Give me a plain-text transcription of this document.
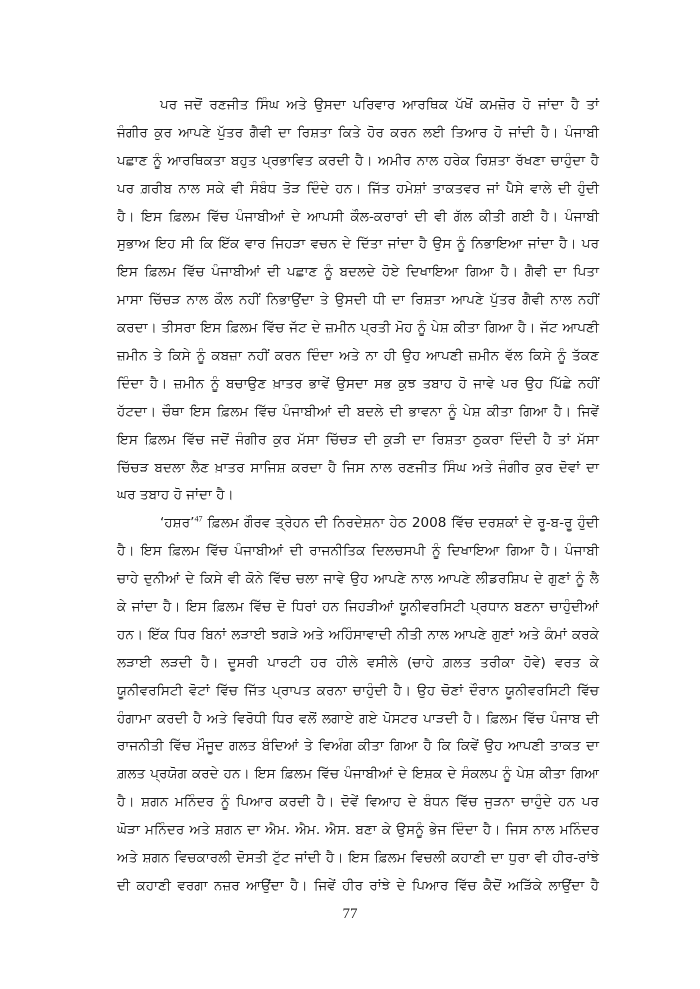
ਪਰ ਜਦੋਂ ਰਣਜੀਤ ਸਿੰਘ ਅਤੇ ਉਸਦਾ ਪਰਿਵਾਰ ਆਰਥਿਕ ਪੱਖੋਂ ਕਮਜ਼ੋਰ ਹੋ ਜਾਂਦਾ ਹੈ ਤਾਂ
ਜੰਗੀਰ ਕੁਰ ਆਪਣੇ ਪੁੱਤਰ ਗੈਵੀ ਦਾ ਰਿਸ਼ਤਾ ਕਿਤੇ ਹੋਰ ਕਰਨ ਲਈ ਤਿਆਰ ਹੋ ਜਾਂਦੀ ਹੈ। ਪੰਜਾਬੀ
ਪਛਾਣ ਨੂੰ ਆਰਥਿਕਤਾ ਬਹੁਤ ਪ੍ਰਭਾਵਿਤ ਕਰਦੀ ਹੈ। ਅਮੀਰ ਨਾਲ ਹਰੇਕ ਰਿਸ਼ਤਾ ਰੱਖਣਾ ਚਾਹੁੰਦਾ ਹੈ
ਪਰ ਗ਼ਰੀਬ ਨਾਲ ਸਕੇ ਵੀ ਸੰਬੰਧ ਤੋੜ ਦਿੰਦੇ ਹਨ। ਜਿੱਤ ਹਮੇਸ਼ਾਂ ਤਾਕਤਵਰ ਜਾਂ ਪੈਸੇ ਵਾਲੇ ਦੀ ਹੁੰਦੀ
ਹੈ। ਇਸ ਫ਼ਿਲਮ ਵਿੱਚ ਪੰਜਾਬੀਆਂ ਦੇ ਆਪਸੀ ਕੌਲ-ਕਰਾਰਾਂ ਦੀ ਵੀ ਗੱਲ ਕੀਤੀ ਗਈ ਹੈ। ਪੰਜਾਬੀ
ਸੁਭਾਅ ਇਹ ਸੀ ਕਿ ਇੱਕ ਵਾਰ ਜਿਹੜਾ ਵਚਨ ਦੇ ਦਿੱਤਾ ਜਾਂਦਾ ਹੈ ਉਸ ਨੂੰ ਨਿਭਾਇਆ ਜਾਂਦਾ ਹੈ। ਪਰ
ਇਸ ਫ਼ਿਲਮ ਵਿੱਚ ਪੰਜਾਬੀਆਂ ਦੀ ਪਛਾਣ ਨੂੰ ਬਦਲਦੇ ਹੋਏ ਦਿਖਾਇਆ ਗਿਆ ਹੈ। ਗੈਵੀ ਦਾ ਪਿਤਾ
ਮਾਸਾ ਚਿੱਚੜ ਨਾਲ ਕੌਲ ਨਹੀਂ ਨਿਭਾਉਂਦਾ ਤੇ ਉਸਦੀ ਧੀ ਦਾ ਰਿਸ਼ਤਾ ਆਪਣੇ ਪੁੱਤਰ ਗੈਵੀ ਨਾਲ ਨਹੀਂ
ਕਰਦਾ। ਤੀਸਰਾ ਇਸ ਫ਼ਿਲਮ ਵਿੱਚ ਜੱਟ ਦੇ ਜ਼ਮੀਨ ਪ੍ਰਤੀ ਮੋਹ ਨੂੰ ਪੇਸ਼ ਕੀਤਾ ਗਿਆ ਹੈ। ਜੱਟ ਆਪਣੀ
ਜ਼ਮੀਨ ਤੇ ਕਿਸੇ ਨੂੰ ਕਬਜ਼ਾ ਨਹੀਂ ਕਰਨ ਦਿੰਦਾ ਅਤੇ ਨਾ ਹੀ ਉਹ ਆਪਣੀ ਜ਼ਮੀਨ ਵੱਲ ਕਿਸੇ ਨੂੰ ਤੱਕਣ
ਦਿੰਦਾ ਹੈ। ਜ਼ਮੀਨ ਨੂੰ ਬਚਾਉਣ ਖ਼ਾਤਰ ਭਾਵੇਂ ਉਸਦਾ ਸਭ ਕੁਝ ਤਬਾਹ ਹੋ ਜਾਵੇ ਪਰ ਉਹ ਪਿੱਛੇ ਨਹੀਂ
ਹੱਟਦਾ। ਚੌਥਾ ਇਸ ਫ਼ਿਲਮ ਵਿੱਚ ਪੰਜਾਬੀਆਂ ਦੀ ਬਦਲੇ ਦੀ ਭਾਵਨਾ ਨੂੰ ਪੇਸ਼ ਕੀਤਾ ਗਿਆ ਹੈ। ਜਿਵੇਂ
ਇਸ ਫ਼ਿਲਮ ਵਿੱਚ ਜਦੋਂ ਜੰਗੀਰ ਕੁਰ ਮੱਸਾ ਚਿੱਚੜ ਦੀ ਕੁੜੀ ਦਾ ਰਿਸ਼ਤਾ ਠੁਕਰਾ ਦਿੰਦੀ ਹੈ ਤਾਂ ਮੱਸਾ
ਚਿੱਚੜ ਬਦਲਾ ਲੈਣ ਖ਼ਾਤਰ ਸਾਜਿਸ਼ ਕਰਦਾ ਹੈ ਜਿਸ ਨਾਲ ਰਣਜੀਤ ਸਿੰਘ ਅਤੇ ਜੰਗੀਰ ਕੁਰ ਦੋਵਾਂ ਦਾ
ਘਰ ਤਬਾਹ ਹੋ ਜਾਂਦਾ ਹੈ।
‘ਹਸ਼ਰ’$^{47}$ ਫ਼ਿਲਮ ਗੌਰਵ ਤ੍ਰੇਹਨ ਦੀ ਨਿਰਦੇਸ਼ਨਾ ਹੇਠ 2008 ਵਿੱਚ ਦਰਸ਼ਕਾਂ ਦੇ ਰੂ-ਬ-ਰੂ ਹੁੰਦੀ
ਹੈ। ਇਸ ਫ਼ਿਲਮ ਵਿੱਚ ਪੰਜਾਬੀਆਂ ਦੀ ਰਾਜਨੀਤਿਕ ਦਿਲਚਸਪੀ ਨੂੰ ਦਿਖਾਇਆ ਗਿਆ ਹੈ। ਪੰਜਾਬੀ
ਚਾਹੇ ਦੁਨੀਆਂ ਦੇ ਕਿਸੇ ਵੀ ਕੋਨੇ ਵਿੱਚ ਚਲਾ ਜਾਵੇ ਉਹ ਆਪਣੇ ਨਾਲ ਆਪਣੇ ਲੀਡਰਸ਼ਿਪ ਦੇ ਗੁਣਾਂ ਨੂੰ ਲੈ
ਕੇ ਜਾਂਦਾ ਹੈ। ਇਸ ਫ਼ਿਲਮ ਵਿੱਚ ਦੋ ਧਿਰਾਂ ਹਨ ਜਿਹੜੀਆਂ ਯੂਨੀਵਰਸਿਟੀ ਪ੍ਰਧਾਨ ਬਣਨਾ ਚਾਹੁੰਦੀਆਂ
ਹਨ। ਇੱਕ ਧਿਰ ਬਿਨਾਂ ਲੜਾਈ ਝਗੜੇ ਅਤੇ ਅਹਿੰਸਾਵਾਦੀ ਨੀਤੀ ਨਾਲ ਆਪਣੇ ਗੁਣਾਂ ਅਤੇ ਕੰਮਾਂ ਕਰਕੇ
ਲੜਾਈ ਲੜਦੀ ਹੈ। ਦੂਸਰੀ ਪਾਰਟੀ ਹਰ ਹੀਲੇ ਵਸੀਲੇ (ਚਾਹੇ ਗ਼ਲਤ ਤਰੀਕਾ ਹੋਵੇ) ਵਰਤ ਕੇ
ਯੂਨੀਵਰਸਿਟੀ ਵੋਟਾਂ ਵਿੱਚ ਜਿੱਤ ਪ੍ਰਾਪਤ ਕਰਨਾ ਚਾਹੁੰਦੀ ਹੈ। ਉਹ ਚੋਣਾਂ ਦੌਰਾਨ ਯੂਨੀਵਰਸਿਟੀ ਵਿੱਚ
ਹੰਗਾਮਾ ਕਰਦੀ ਹੈ ਅਤੇ ਵਿਰੋਧੀ ਧਿਰ ਵਲੋਂ ਲਗਾਏ ਗਏ ਪੋਸਟਰ ਪਾੜਦੀ ਹੈ। ਫ਼ਿਲਮ ਵਿੱਚ ਪੰਜਾਬ ਦੀ
ਰਾਜਨੀਤੀ ਵਿੱਚ ਮੌਜੂਦ ਗਲਤ ਬੰਦਿਆਂ ਤੇ ਵਿਅੰਗ ਕੀਤਾ ਗਿਆ ਹੈ ਕਿ ਕਿਵੇਂ ਉਹ ਆਪਣੀ ਤਾਕਤ ਦਾ
ਗ਼ਲਤ ਪ੍ਰਯੋਗ ਕਰਦੇ ਹਨ। ਇਸ ਫ਼ਿਲਮ ਵਿੱਚ ਪੰਜਾਬੀਆਂ ਦੇ ਇਸ਼ਕ ਦੇ ਸੰਕਲਪ ਨੂੰ ਪੇਸ਼ ਕੀਤਾ ਗਿਆ
ਹੈ। ਸ਼ਗਨ ਮਨਿੰਦਰ ਨੂੰ ਪਿਆਰ ਕਰਦੀ ਹੈ। ਦੋਵੇਂ ਵਿਆਹ ਦੇ ਬੰਧਨ ਵਿੱਚ ਜੁੜਨਾ ਚਾਹੁੰਦੇ ਹਨ ਪਰ
ਘੋੜਾ ਮਨਿੰਦਰ ਅਤੇ ਸ਼ਗਨ ਦਾ ਐਮ. ਐਮ. ਐਸ. ਬਣਾ ਕੇ ਉਸਨੂੰ ਭੇਜ ਦਿੰਦਾ ਹੈ। ਜਿਸ ਨਾਲ ਮਨਿੰਦਰ
ਅਤੇ ਸ਼ਗਨ ਵਿਚਕਾਰਲੀ ਦੋਸਤੀ ਟੁੱਟ ਜਾਂਦੀ ਹੈ। ਇਸ ਫ਼ਿਲਮ ਵਿਚਲੀ ਕਹਾਣੀ ਦਾ ਧੁਰਾ ਵੀ ਹੀਰ-ਰਾਂਝੇ
ਦੀ ਕਹਾਣੀ ਵਰਗਾ ਨਜ਼ਰ ਆਉਂਦਾ ਹੈ। ਜਿਵੇਂ ਹੀਰ ਰਾਂਝੇ ਦੇ ਪਿਆਰ ਵਿੱਚ ਕੈਦੋਂ ਅੜਿੱਕੇ ਲਾਉਂਦਾ ਹੈ
77
